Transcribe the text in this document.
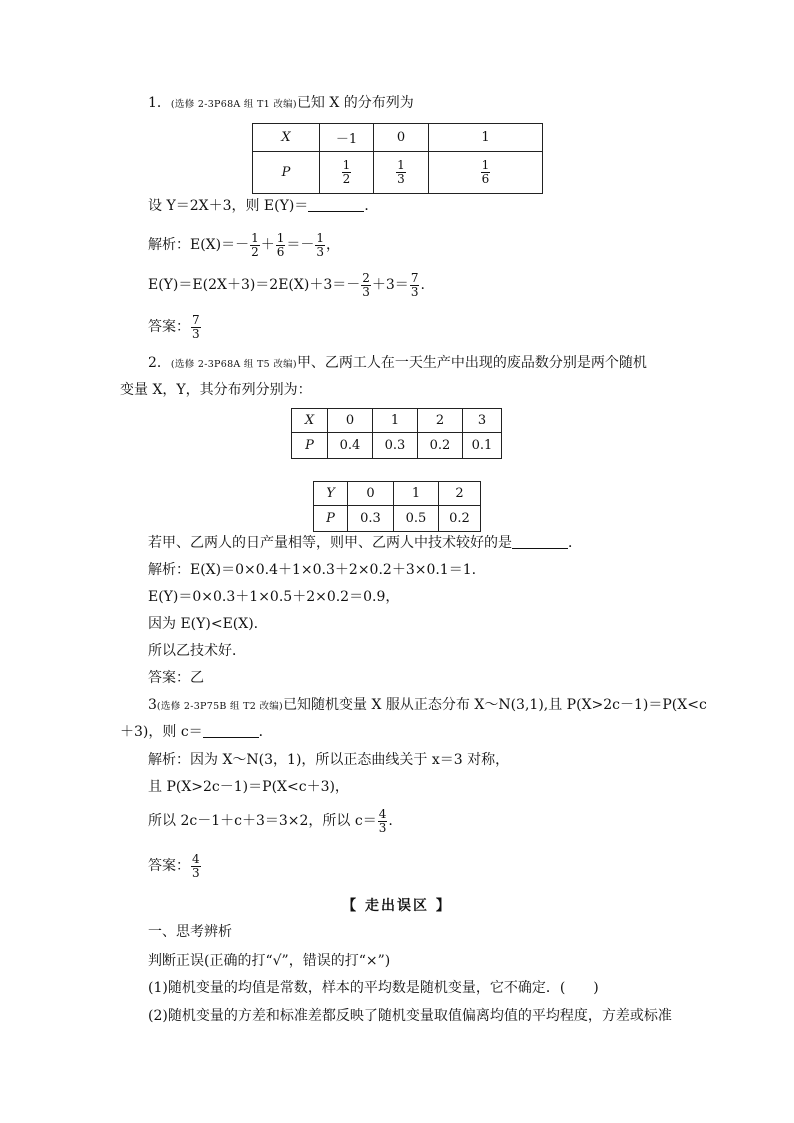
1．(选修 2-3P68A 组 T1 改编)已知 X 的分布列为
X	－1	0	1
P	$\frac{1}{2}$	$\frac{1}{3}$	$\frac{1}{6}$
设 Y＝2X＋3，则 E(Y)＝	．
解析：$E(X)=- \frac{1}{2} + \frac{1}{6} =- \frac{1}{3}$ ，
$E(Y)=E(2X+3)=2E(X)+3=- \frac{2}{3} +3= \frac{7}{3}$ .
答案： $\frac{7}{3}$
2．(选修 2-3P68A 组 T5 改编)甲、乙两工人在一天生产中出现的废品数分别是两个随机
变量 X，Y，其分布列分别为：
X	0	1	2	3
P	0.4	0.3	0.2	0.1
Y	0	1	2
P	0.3	0.5	0.2
若甲、乙两人的日产量相等，则甲、乙两人中技术较好的是	．
解析：E(X)＝0×0.4＋1×0.3＋2×0.2＋3×0.1＝1.
E(Y)＝0×0.3＋1×0.5＋2×0.2＝0.9，
因为 E(Y)<E(X).
所以乙技术好．
答案：乙
3(选修 2-3P75B 组 T2 改编)已知随机变量 X 服从正态分布 X～N(3,1),且 P(X>2c－1)＝P(X<c
＋3)，则 c＝	．
解析：因为 X～N(3，1)，所以正态曲线关于 x＝3 对称，
且 P(X>2c－1)＝P(X<c＋3)，
所以 2c－1＋c＋3＝3×2，所以 $c= \frac{4}{3}$ .
答案： $\frac{4}{3}$
【 走出误区 】
一、思考辨析
判断正误(正确的打“√”，错误的打“×”)
(1)随机变量的均值是常数，样本的平均数是随机变量，它不确定．(　　)
(2)随机变量的方差和标准差都反映了随机变量取值偏离均值的平均程度，方差或标准
